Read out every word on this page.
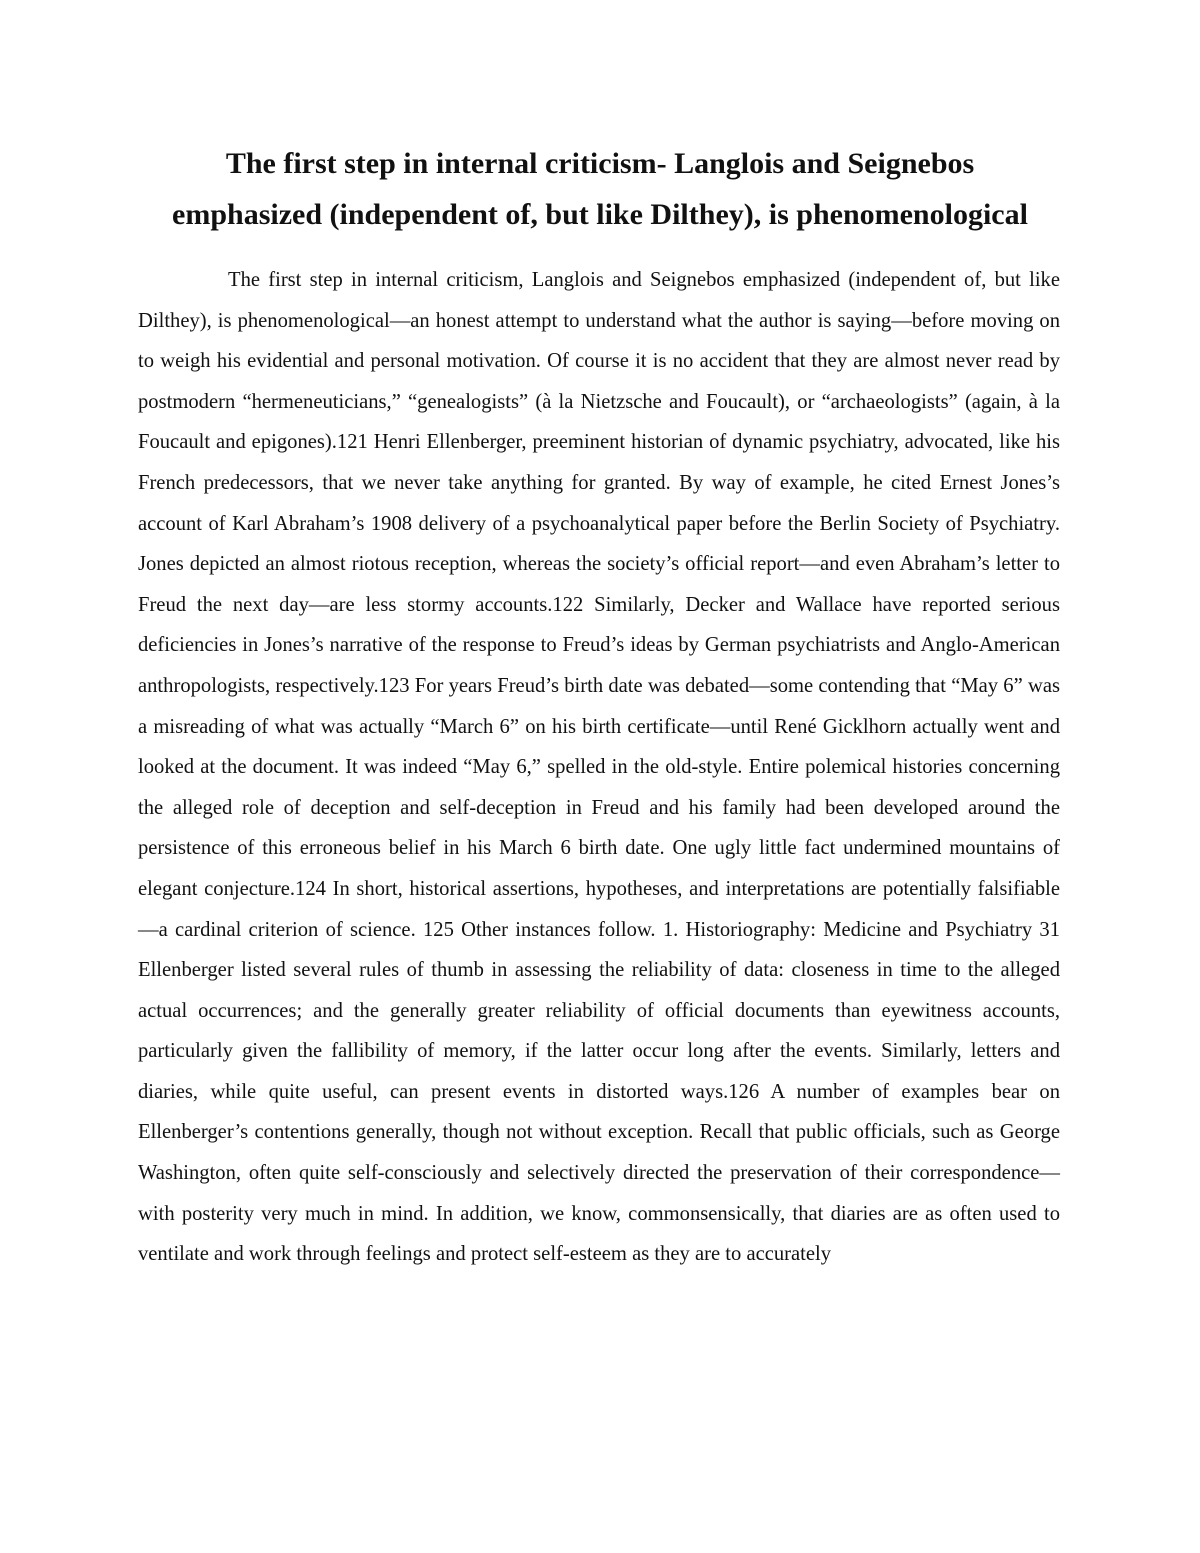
The first step in internal criticism- Langlois and Seignebos emphasized (independent of, but like Dilthey), is phenomenological

The first step in internal criticism, Langlois and Seignebos emphasized (independent of, but like Dilthey), is phenomenological—an honest attempt to understand what the author is saying—before moving on to weigh his evidential and personal motivation. Of course it is no accident that they are almost never read by postmodern “hermeneuticians,” “genealogists” (à la Nietzsche and Foucault), or “archaeologists” (again, à la Foucault and epigones).121 Henri Ellenberger, preeminent historian of dynamic psychiatry, advocated, like his French predecessors, that we never take anything for granted. By way of example, he cited Ernest Jones’s account of Karl Abraham’s 1908 delivery of a psychoanalytical paper before the Berlin Society of Psychiatry. Jones depicted an almost riotous reception, whereas the society’s official report—and even Abraham’s letter to Freud the next day—are less stormy accounts.122 Similarly, Decker and Wallace have reported serious deficiencies in Jones’s narrative of the response to Freud’s ideas by German psychiatrists and Anglo-American anthropologists, respectively.123 For years Freud’s birth date was debated—some contending that “May 6” was a misreading of what was actually “March 6” on his birth certificate—until René Gicklhorn actually went and looked at the document. It was indeed “May 6,” spelled in the old-style. Entire polemical histories concerning the alleged role of deception and self-deception in Freud and his family had been developed around the persistence of this erroneous belief in his March 6 birth date. One ugly little fact undermined mountains of elegant conjecture.124 In short, historical assertions, hypotheses, and interpretations are potentially falsifiable—a cardinal criterion of science. 125 Other instances follow. 1. Historiography: Medicine and Psychiatry 31 Ellenberger listed several rules of thumb in assessing the reliability of data: closeness in time to the alleged actual occurrences; and the generally greater reliability of official documents than eyewitness accounts, particularly given the fallibility of memory, if the latter occur long after the events. Similarly, letters and diaries, while quite useful, can present events in distorted ways.126 A number of examples bear on Ellenberger’s contentions generally, though not without exception. Recall that public officials, such as George Washington, often quite self-consciously and selectively directed the preservation of their correspondence—with posterity very much in mind. In addition, we know, commonsensically, that diaries are as often used to ventilate and work through feelings and protect self-esteem as they are to accurately
